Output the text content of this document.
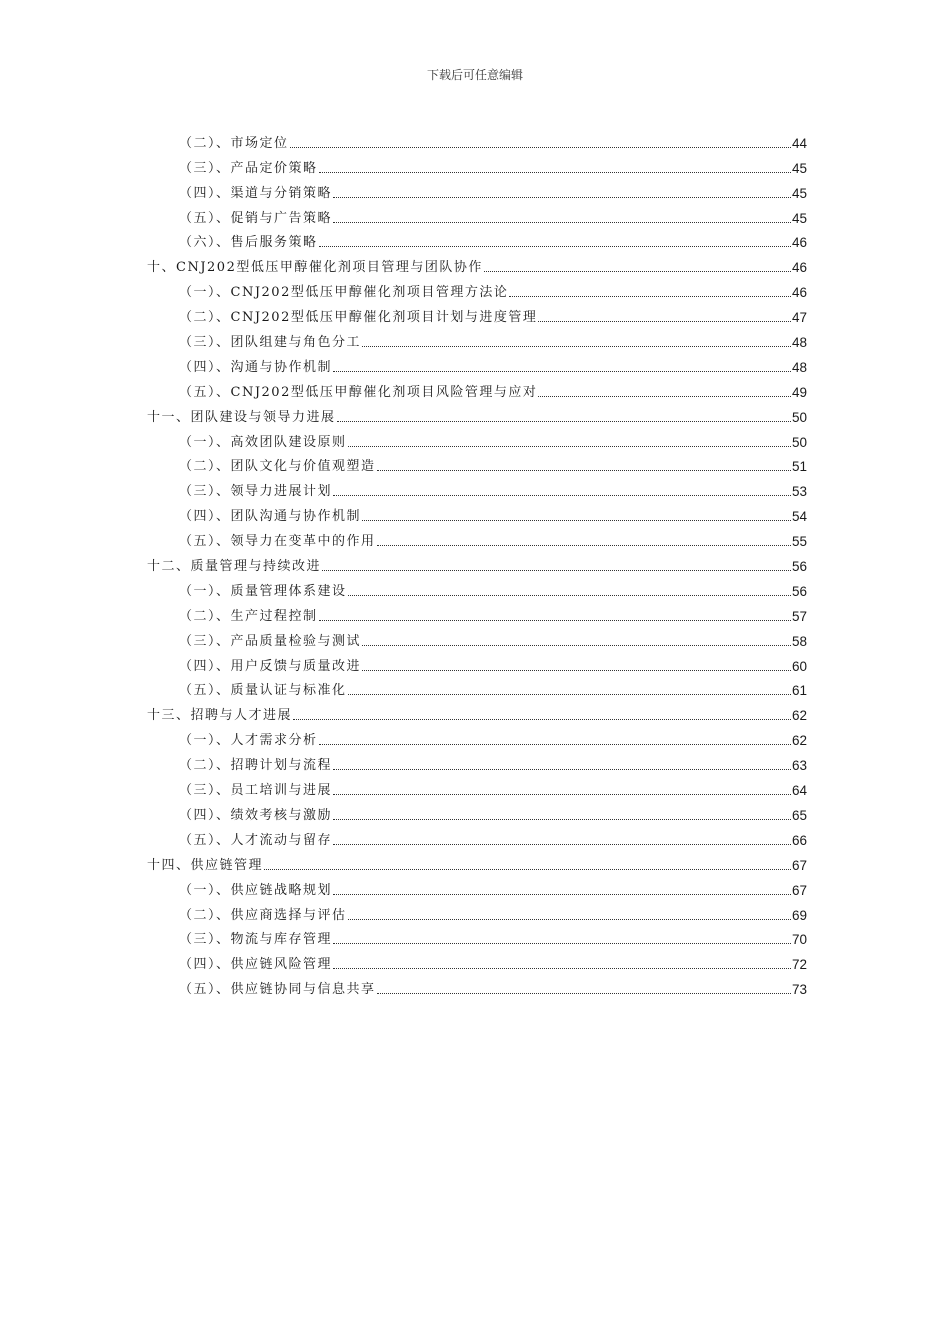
下载后可任意编辑
（二）、市场定位	44
（三）、产品定价策略	45
（四）、渠道与分销策略	45
（五）、促销与广告策略	45
（六）、售后服务策略	46
十、CNJ202型低压甲醇催化剂项目管理与团队协作	46
（一）、CNJ202型低压甲醇催化剂项目管理方法论	46
（二）、CNJ202型低压甲醇催化剂项目计划与进度管理	47
（三）、团队组建与角色分工	48
（四）、沟通与协作机制	48
（五）、CNJ202型低压甲醇催化剂项目风险管理与应对	49
十一、团队建设与领导力进展	50
（一）、高效团队建设原则	50
（二）、团队文化与价值观塑造	51
（三）、领导力进展计划	53
（四）、团队沟通与协作机制	54
（五）、领导力在变革中的作用	55
十二、质量管理与持续改进	56
（一）、质量管理体系建设	56
（二）、生产过程控制	57
（三）、产品质量检验与测试	58
（四）、用户反馈与质量改进	60
（五）、质量认证与标准化	61
十三、招聘与人才进展	62
（一）、人才需求分析	62
（二）、招聘计划与流程	63
（三）、员工培训与进展	64
（四）、绩效考核与激励	65
（五）、人才流动与留存	66
十四、供应链管理	67
（一）、供应链战略规划	67
（二）、供应商选择与评估	69
（三）、物流与库存管理	70
（四）、供应链风险管理	72
（五）、供应链协同与信息共享	73
